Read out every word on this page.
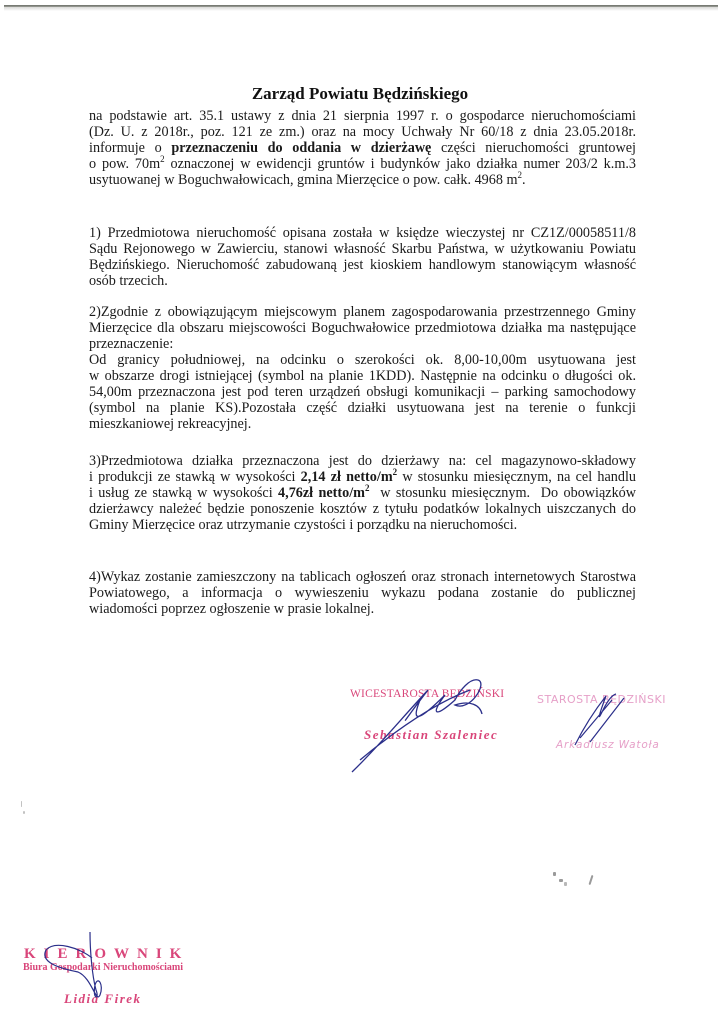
Zarząd Powiatu Będzińskiego
na podstawie art. 35.1 ustawy z dnia 21 sierpnia 1997 r. o gospodarce nieruchomościami
(Dz. U. z 2018r., poz. 121 ze zm.) oraz na mocy Uchwały Nr 60/18 z dnia 23.05.2018r.
informuje o przeznaczeniu do oddania w dzierżawę części nieruchomości gruntowej
o pow. $70m^2$ oznaczonej w ewidencji gruntów i budynków jako działka numer 203/2 k.m.3
usytuowanej w Boguchwałowicach, gmina Mierzęcice o pow. całk. 4968 $m^2$.
1) Przedmiotowa nieruchomość opisana została w księdze wieczystej nr CZ1Z/00058511/8
Sądu Rejonowego w Zawierciu, stanowi własność Skarbu Państwa, w użytkowaniu Powiatu
Będzińskiego. Nieruchomość zabudowaną jest kioskiem handlowym stanowiącym własność
osób trzecich.
2)Zgodnie z obowiązującym miejscowym planem zagospodarowania przestrzennego Gminy
Mierzęcice dla obszaru miejscowości Boguchwałowice przedmiotowa działka ma następujące
przeznaczenie:
Od granicy południowej, na odcinku o szerokości ok. 8,00-10,00m usytuowana jest
w obszarze drogi istniejącej (symbol na planie 1KDD). Następnie na odcinku o długości ok.
54,00m przeznaczona jest pod teren urządzeń obsługi komunikacji – parking samochodowy
(symbol na planie KS).Pozostała część działki usytuowana jest na terenie o funkcji
mieszkaniowej rekreacyjnej.
3)Przedmiotowa działka przeznaczona jest do dzierżawy na: cel magazynowo-składowy
i produkcji ze stawką w wysokości 2,14 zł netto/$m^2$ w stosunku miesięcznym, na cel handlu
i usług ze stawką w wysokości 4,76zł netto/$m^2$  w stosunku miesięcznym.  Do obowiązków
dzierżawcy należeć będzie ponoszenie kosztów z tytułu podatków lokalnych uiszczanych do
Gminy Mierzęcice oraz utrzymanie czystości i porządku na nieruchomości.
4)Wykaz zostanie zamieszczony na tablicach ogłoszeń oraz stronach internetowych Starostwa
Powiatowego, a informacja o wywieszeniu wykazu podana zostanie do publicznej
wiadomości poprzez ogłoszenie w prasie lokalnej.
WICESTAROSTA BĘDZIŃSKI
Sebastian Szaleniec
STAROSTA BĘDZIŃSKI
Arkadiusz Watoła
KIEROWNIK
Biura Gospodarki Nieruchomościami
Lidia Firek
